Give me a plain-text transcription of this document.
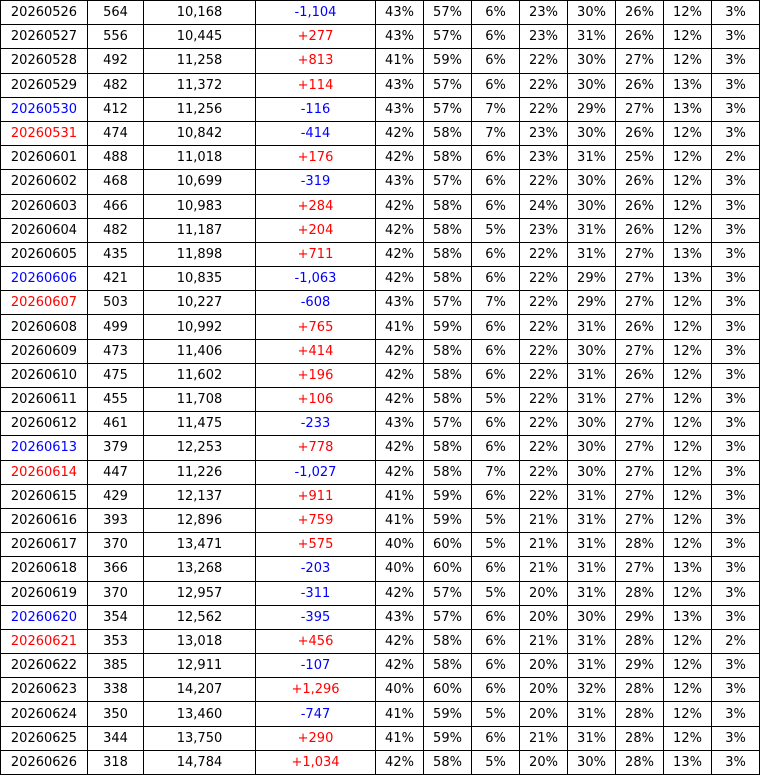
20260526	564	10,168	-1,104	43%	57%	6%	23%	30%	26%	12%	3%
20260527	556	10,445	+277	43%	57%	6%	23%	31%	26%	12%	3%
20260528	492	11,258	+813	41%	59%	6%	22%	30%	27%	12%	3%
20260529	482	11,372	+114	43%	57%	6%	22%	30%	26%	13%	3%
20260530	412	11,256	-116	43%	57%	7%	22%	29%	27%	13%	3%
20260531	474	10,842	-414	42%	58%	7%	23%	30%	26%	12%	3%
20260601	488	11,018	+176	42%	58%	6%	23%	31%	25%	12%	2%
20260602	468	10,699	-319	43%	57%	6%	22%	30%	26%	12%	3%
20260603	466	10,983	+284	42%	58%	6%	24%	30%	26%	12%	3%
20260604	482	11,187	+204	42%	58%	5%	23%	31%	26%	12%	3%
20260605	435	11,898	+711	42%	58%	6%	22%	31%	27%	13%	3%
20260606	421	10,835	-1,063	42%	58%	6%	22%	29%	27%	13%	3%
20260607	503	10,227	-608	43%	57%	7%	22%	29%	27%	12%	3%
20260608	499	10,992	+765	41%	59%	6%	22%	31%	26%	12%	3%
20260609	473	11,406	+414	42%	58%	6%	22%	30%	27%	12%	3%
20260610	475	11,602	+196	42%	58%	6%	22%	31%	26%	12%	3%
20260611	455	11,708	+106	42%	58%	5%	22%	31%	27%	12%	3%
20260612	461	11,475	-233	43%	57%	6%	22%	30%	27%	12%	3%
20260613	379	12,253	+778	42%	58%	6%	22%	30%	27%	12%	3%
20260614	447	11,226	-1,027	42%	58%	7%	22%	30%	27%	12%	3%
20260615	429	12,137	+911	41%	59%	6%	22%	31%	27%	12%	3%
20260616	393	12,896	+759	41%	59%	5%	21%	31%	27%	12%	3%
20260617	370	13,471	+575	40%	60%	5%	21%	31%	28%	12%	3%
20260618	366	13,268	-203	40%	60%	6%	21%	31%	27%	13%	3%
20260619	370	12,957	-311	42%	57%	5%	20%	31%	28%	12%	3%
20260620	354	12,562	-395	43%	57%	6%	20%	30%	29%	13%	3%
20260621	353	13,018	+456	42%	58%	6%	21%	31%	28%	12%	2%
20260622	385	12,911	-107	42%	58%	6%	20%	31%	29%	12%	3%
20260623	338	14,207	+1,296	40%	60%	6%	20%	32%	28%	12%	3%
20260624	350	13,460	-747	41%	59%	5%	20%	31%	28%	12%	3%
20260625	344	13,750	+290	41%	59%	6%	21%	31%	28%	12%	3%
20260626	318	14,784	+1,034	42%	58%	5%	20%	30%	28%	13%	3%
